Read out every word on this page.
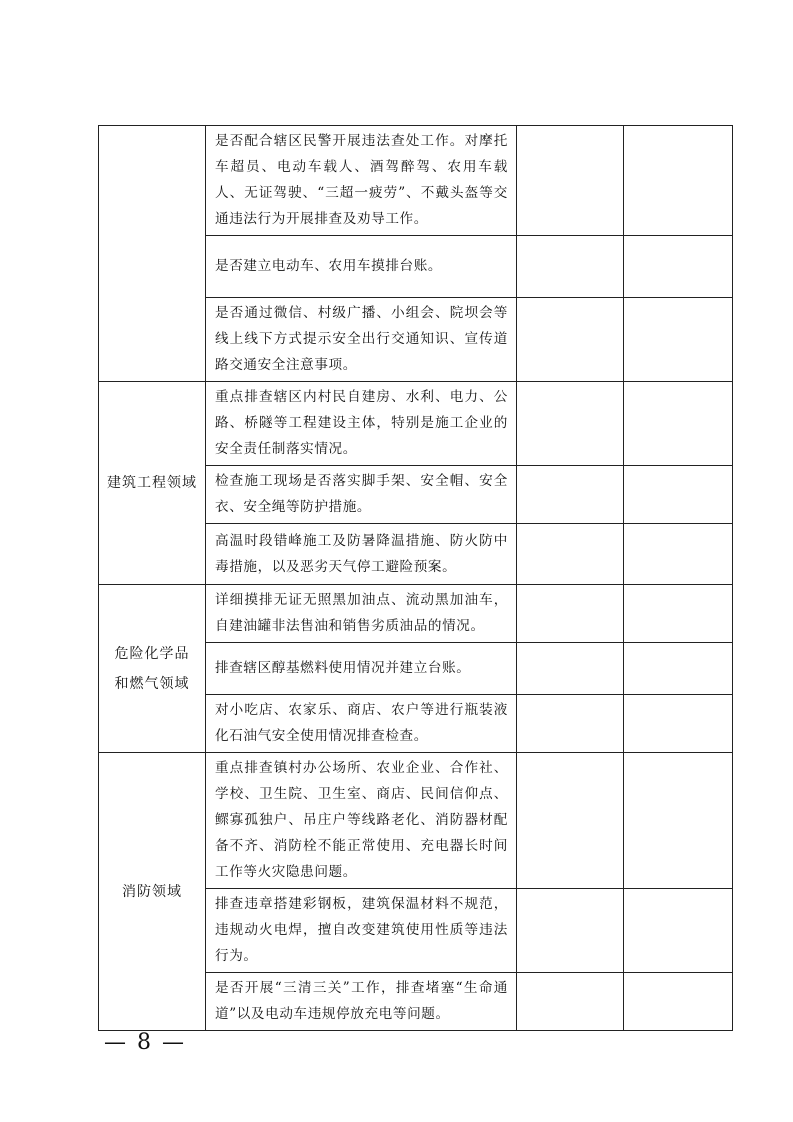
	是否配合辖区民警开展违法查处工作。对摩托车超员、电动车载人、酒驾醉驾、农用车载人、无证驾驶、“三超一疲劳”、不戴头盔等交通违法行为开展排查及劝导工作。		
	是否建立电动车、农用车摸排台账。		
	是否通过微信、村级广播、小组会、院坝会等线上线下方式提示安全出行交通知识、宣传道路交通安全注意事项。		
建筑工程领域	重点排查辖区内村民自建房、水利、电力、公路、桥隧等工程建设主体，特别是施工企业的安全责任制落实情况。		
	检查施工现场是否落实脚手架、安全帽、安全衣、安全绳等防护措施。		
	高温时段错峰施工及防暑降温措施、防火防中毒措施，以及恶劣天气停工避险预案。		
危险化学品和燃气领域	详细摸排无证无照黑加油点、流动黑加油车，自建油罐非法售油和销售劣质油品的情况。		
	排查辖区醇基燃料使用情况并建立台账。		
	对小吃店、农家乐、商店、农户等进行瓶装液化石油气安全使用情况排查检查。		
消防领域	重点排查镇村办公场所、农业企业、合作社、学校、卫生院、卫生室、商店、民间信仰点、鳏寡孤独户、吊庄户等线路老化、消防器材配备不齐、消防栓不能正常使用、充电器长时间工作等火灾隐患问题。		
	排查违章搭建彩钢板，建筑保温材料不规范，违规动火电焊，擅自改变建筑使用性质等违法行为。		
	是否开展“三清三关”工作，排查堵塞“生命通道”以及电动车违规停放充电等问题。		
— 8 —
